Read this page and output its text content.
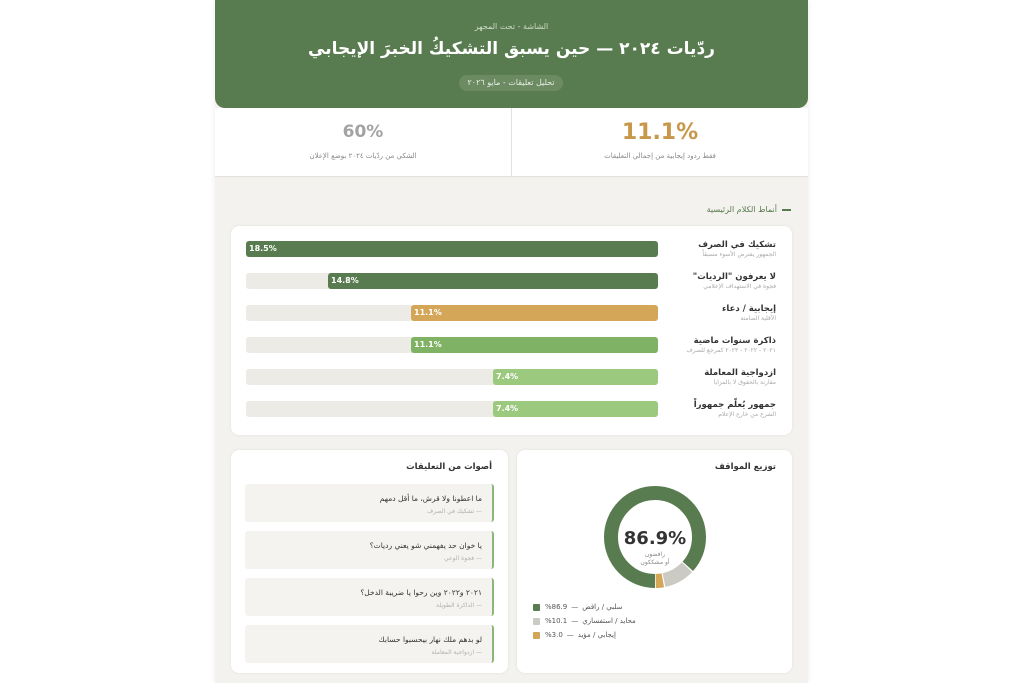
الشاشة - تحت المجهر
ردّيات ٢٠٢٤ — حين يسبق التشكيكُ الخبرَ الإيجابي
تحليل تعليقات - مايو ٢٠٢٦
11.1%
فقط ردود إيجابية من إجمالي التعليقات
60%
الشكي من ردّيات ٢٠٢٤ بوضع الإعلان
أنماط الكلام الرئيسية
تشكيك في الصرف
الجمهور يفترض الأسوء مسبقاً
18.5%
لا يعرفون "الرديات"
فجوة في الاستهداف الإعلامي
14.8%
إيجابية / دعاء
الأقلية الصامتة
11.1%
ذاكرة سنوات ماضية
٢٠٢١ - ٢٠٢٢ - ٢٠٢٣ كمرجع للصرف
11.1%
ازدواجية المعاملة
مقارنة بالحقوق لا بالمزايا
7.4%
جمهور يُعلّم جمهوراً
الشرح من خارج الإعلام
7.4%
أصوات من التعليقات
ما اعطونا ولا قرش، ما أقل دمهم
— تشكيك في الصرف
يا خوان حد يفهمني شو يعني رديات؟
— فجوة الوعي
٢٠٢١ و٢٠٢٢ وين رحوا يا ضريبة الدخل؟
— الذاكرة الطويلة
لو بدهم ملك نهار بيحسبوا حسابك
— ازدواجية المعاملة
توزيع المواقف
86.9%
رافضون
أو مشككون
%86.9 — سلبي / رافض
%10.1 — محايد / استفساري
%3.0 — إيجابي / مؤيد
